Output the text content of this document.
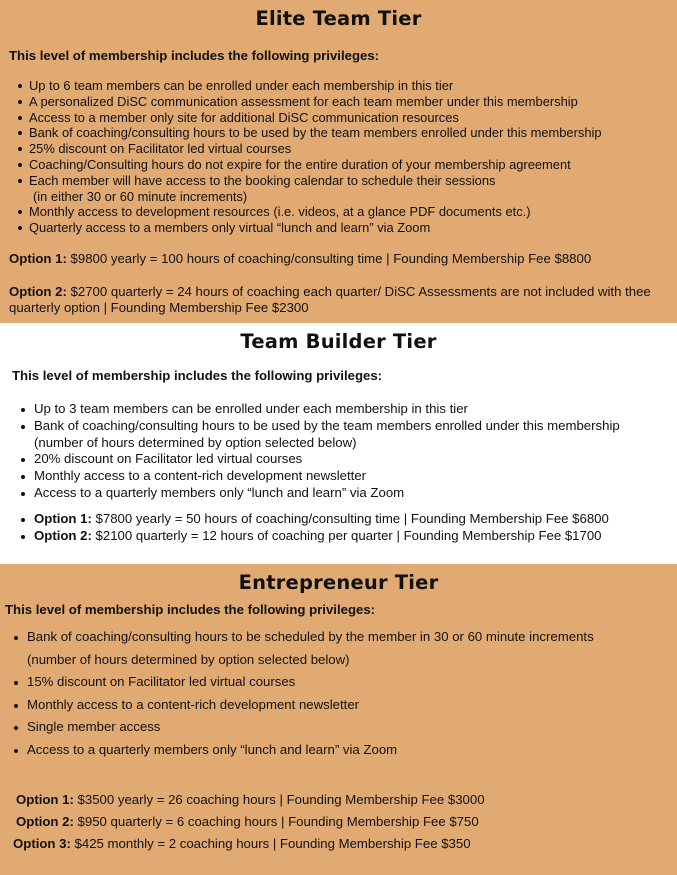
Elite Team Tier

This level of membership includes the following privileges:

Up to 6 team members can be enrolled under each membership in this tier
A personalized DiSC communication assessment for each team member under this membership
Access to a member only site for additional DiSC communication resources
Bank of coaching/consulting hours to be used by the team members enrolled under this membership
25% discount on Facilitator led virtual courses
Coaching/Consulting hours do not expire for the entire duration of your membership agreement
Each member will have access to the booking calendar to schedule their sessions
(in either 30 or 60 minute increments)
Monthly access to development resources (i.e. videos, at a glance PDF documents etc.)
Quarterly access to a members only virtual “lunch and learn” via Zoom

Option 1: $9800 yearly = 100 hours of coaching/consulting time | Founding Membership Fee $8800

Option 2: $2700 quarterly = 24 hours of coaching each quarter/ DiSC Assessments are not included with thee quarterly option | Founding Membership Fee $2300

Team Builder Tier

This level of membership includes the following privileges:

Up to 3 team members can be enrolled under each membership in this tier
Bank of coaching/consulting hours to be used by the team members enrolled under this membership (number of hours determined by option selected below)
20% discount on Facilitator led virtual courses
Monthly access to a content-rich development newsletter
Access to a quarterly members only “lunch and learn” via Zoom
Option 1: $7800 yearly = 50 hours of coaching/consulting time | Founding Membership Fee $6800
Option 2: $2100 quarterly = 12 hours of coaching per quarter | Founding Membership Fee $1700
Entrepreneur Tier

This level of membership includes the following privileges:

Bank of coaching/consulting hours to be scheduled by the member in 30 or 60 minute increments (number of hours determined by option selected below)
15% discount on Facilitator led virtual courses
Monthly access to a content-rich development newsletter
Single member access
Access to a quarterly members only “lunch and learn” via Zoom

Option 1: $3500 yearly = 26 coaching hours | Founding Membership Fee $3000

Option 2: $950 quarterly = 6 coaching hours | Founding Membership Fee $750

Option 3: $425 monthly = 2 coaching hours | Founding Membership Fee $350
